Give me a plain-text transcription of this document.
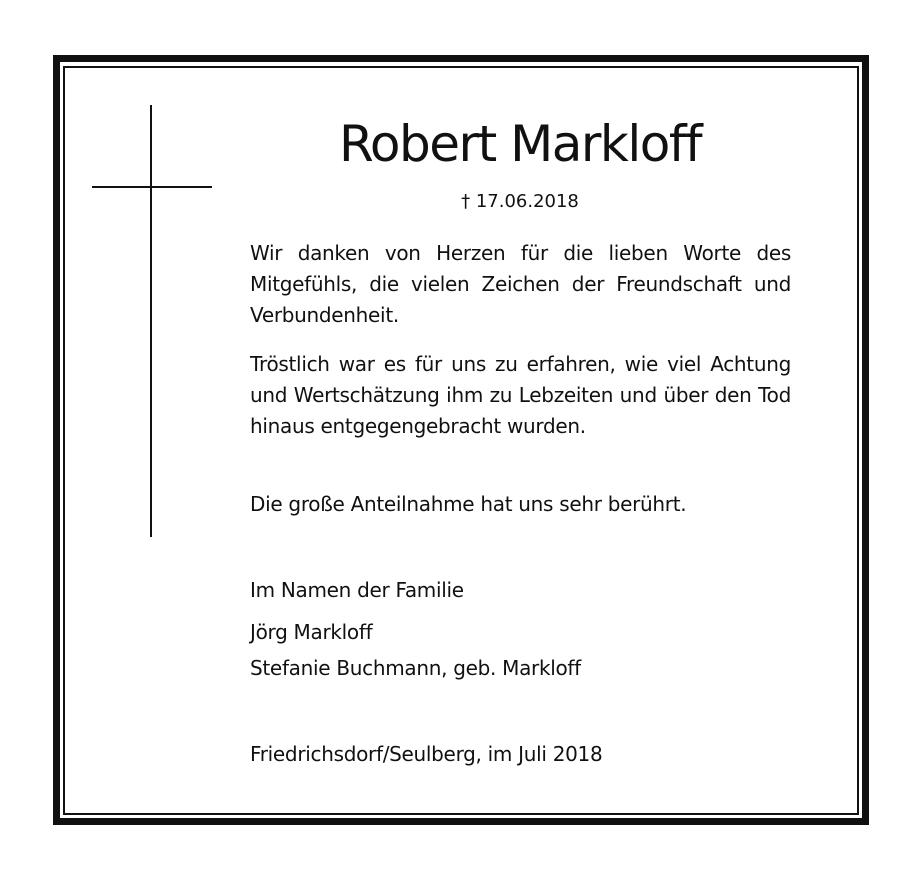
Robert Markloff
† 17.06.2018
Wir danken von Herzen für die lieben Worte des Mitgefühls, die vielen Zeichen der Freundschaft und Verbundenheit.
Tröstlich war es für uns zu erfahren, wie viel Achtung und Wertschätzung ihm zu Lebzeiten und über den Tod hinaus entgegengebracht wurden.
Die große Anteilnahme hat uns sehr berührt.
Im Namen der Familie
Jörg Markloff
Stefanie Buchmann, geb. Markloff
Friedrichsdorf/Seulberg, im Juli 2018
